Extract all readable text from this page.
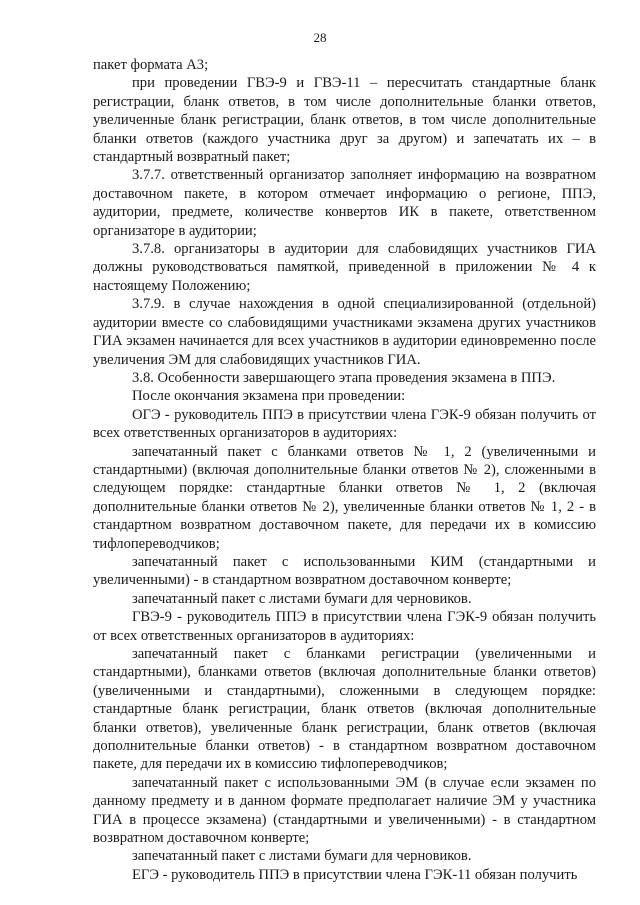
28

пакет формата А3;

при проведении ГВЭ-9 и ГВЭ-11 – пересчитать стандартные бланк регистрации, бланк ответов, в том числе дополнительные бланки ответов, увеличенные бланк регистрации, бланк ответов, в том числе дополнительные бланки ответов (каждого участника друг за другом) и запечатать их – в стандартный возвратный пакет;

3.7.7. ответственный организатор заполняет информацию на возвратном доставочном пакете, в котором отмечает информацию о регионе, ППЭ, аудитории, предмете, количестве конвертов ИК в пакете, ответственном организаторе в аудитории;

3.7.8. организаторы в аудитории для слабовидящих участников ГИА должны руководствоваться памяткой, приведенной в приложении № 4 к настоящему Положению;

3.7.9. в случае нахождения в одной специализированной (отдельной) аудитории вместе со слабовидящими участниками экзамена других участников ГИА экзамен начинается для всех участников в аудитории единовременно после увеличения ЭМ для слабовидящих участников ГИА.

3.8. Особенности завершающего этапа проведения экзамена в ППЭ.

После окончания экзамена при проведении:

ОГЭ - руководитель ППЭ в присутствии члена ГЭК-9 обязан получить от всех ответственных организаторов в аудиториях:

запечатанный пакет с бланками ответов № 1, 2 (увеличенными и стандартными) (включая дополнительные бланки ответов № 2), сложенными в следующем порядке: стандартные бланки ответов № 1, 2 (включая дополнительные бланки ответов № 2), увеличенные бланки ответов № 1, 2 - в стандартном возвратном доставочном пакете, для передачи их в комиссию тифлопереводчиков;

запечатанный пакет с использованными КИМ (стандартными и увеличенными) - в стандартном возвратном доставочном конверте;

запечатанный пакет с листами бумаги для черновиков.

ГВЭ-9 - руководитель ППЭ в присутствии члена ГЭК-9 обязан получить от всех ответственных организаторов в аудиториях:

запечатанный пакет с бланками регистрации (увеличенными и стандартными), бланками ответов (включая дополнительные бланки ответов) (увеличенными и стандартными), сложенными в следующем порядке: стандартные бланк регистрации, бланк ответов (включая дополнительные бланки ответов), увеличенные бланк регистрации, бланк ответов (включая дополнительные бланки ответов) - в стандартном возвратном доставочном пакете, для передачи их в комиссию тифлопереводчиков;

запечатанный пакет с использованными ЭМ (в случае если экзамен по данному предмету и в данном формате предполагает наличие ЭМ у участника ГИА в процессе экзамена) (стандартными и увеличенными) - в стандартном возвратном доставочном конверте;

запечатанный пакет с листами бумаги для черновиков.

ЕГЭ - руководитель ППЭ в присутствии члена ГЭК-11 обязан получить
